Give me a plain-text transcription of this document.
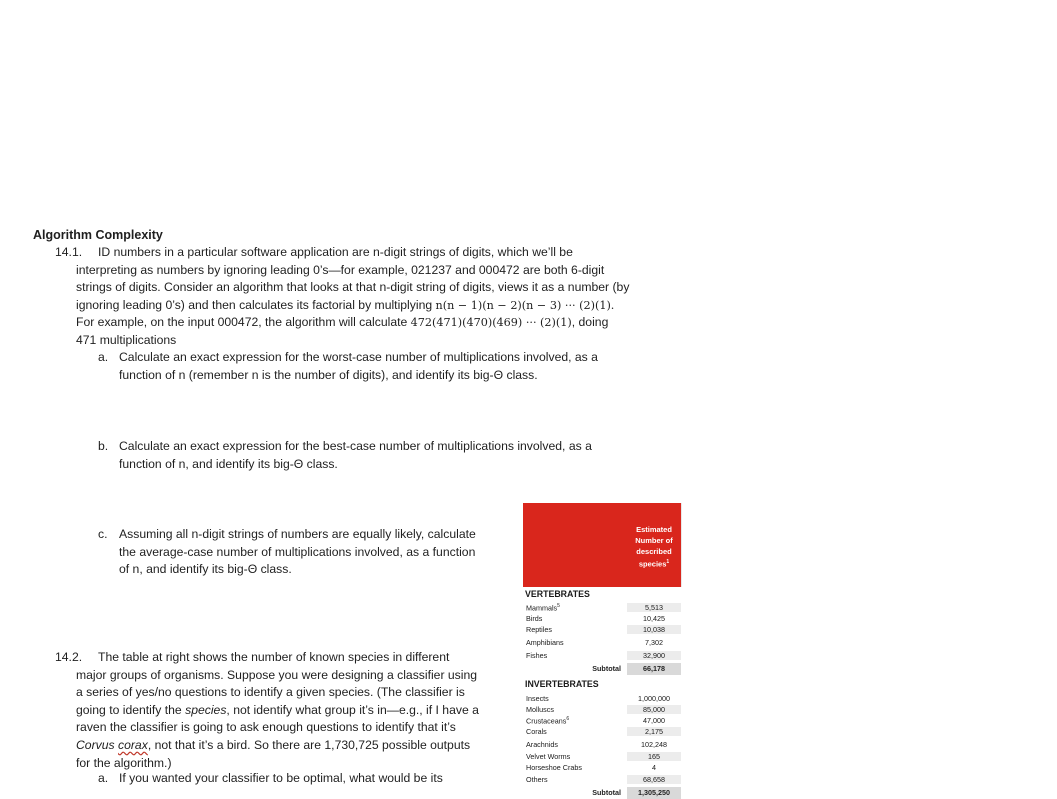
Algorithm Complexity
14.1. ID numbers in a particular software application are n-digit strings of digits, which we’ll be
interpreting as numbers by ignoring leading 0’s—for example, 021237 and 000472 are both 6-digit
strings of digits. Consider an algorithm that looks at that n-digit string of digits, views it as a number (by
ignoring leading 0’s) and then calculates its factorial by multiplying n(n − 1)(n − 2)(n − 3) ··· (2)(1).
For example, on the input 000472, the algorithm will calculate 472(471)(470)(469) ··· (2)(1), doing
471 multiplications
a. Calculate an exact expression for the worst-case number of multiplications involved, as a
function of n (remember n is the number of digits), and identify its big-Θ class.
b. Calculate an exact expression for the best-case number of multiplications involved, as a
function of n, and identify its big-Θ class.
c. Assuming all n-digit strings of numbers are equally likely, calculate
the average-case number of multiplications involved, as a function
of n, and identify its big-Θ class.
14.2. The table at right shows the number of known species in different
major groups of organisms. Suppose you were designing a classifier using
a series of yes/no questions to identify a given species. (The classifier is
going to identify the species, not identify what group it’s in—e.g., if I have a
raven the classifier is going to ask enough questions to identify that it’s
Corvus corax, not that it’s a bird. So there are 1,730,725 possible outputs
for the algorithm.)
a. If you wanted your classifier to be optimal, what would be its
Estimated
Number of
described
species$^1$
VERTEBRATES
Mammals$^5$	5,513
Birds	10,425
Reptiles	10,038
Amphibians	7,302
Fishes	32,900
Subtotal	66,178
INVERTEBRATES
Insects	1,000,000
Molluscs	85,000
Crustaceans$^6$	47,000
Corals	2,175
Arachnids	102,248
Velvet Worms	165
Horseshoe Crabs	4
Others	68,658
Subtotal	1,305,250
